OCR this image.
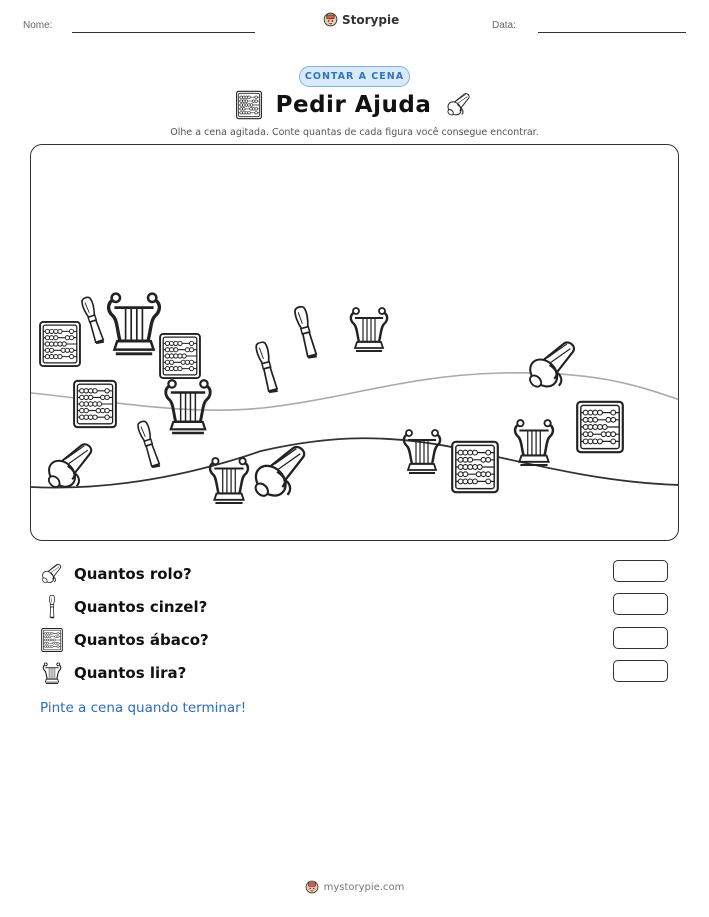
Nome:	Storypie	Data:
CONTAR A CENA
Pedir Ajuda
Olhe a cena agitada. Conte quantas de cada figura você consegue encontrar.
Quantos rolo?
Quantos cinzel?
Quantos ábaco?
Quantos lira?
Pinte a cena quando terminar!
mystorypie.com
